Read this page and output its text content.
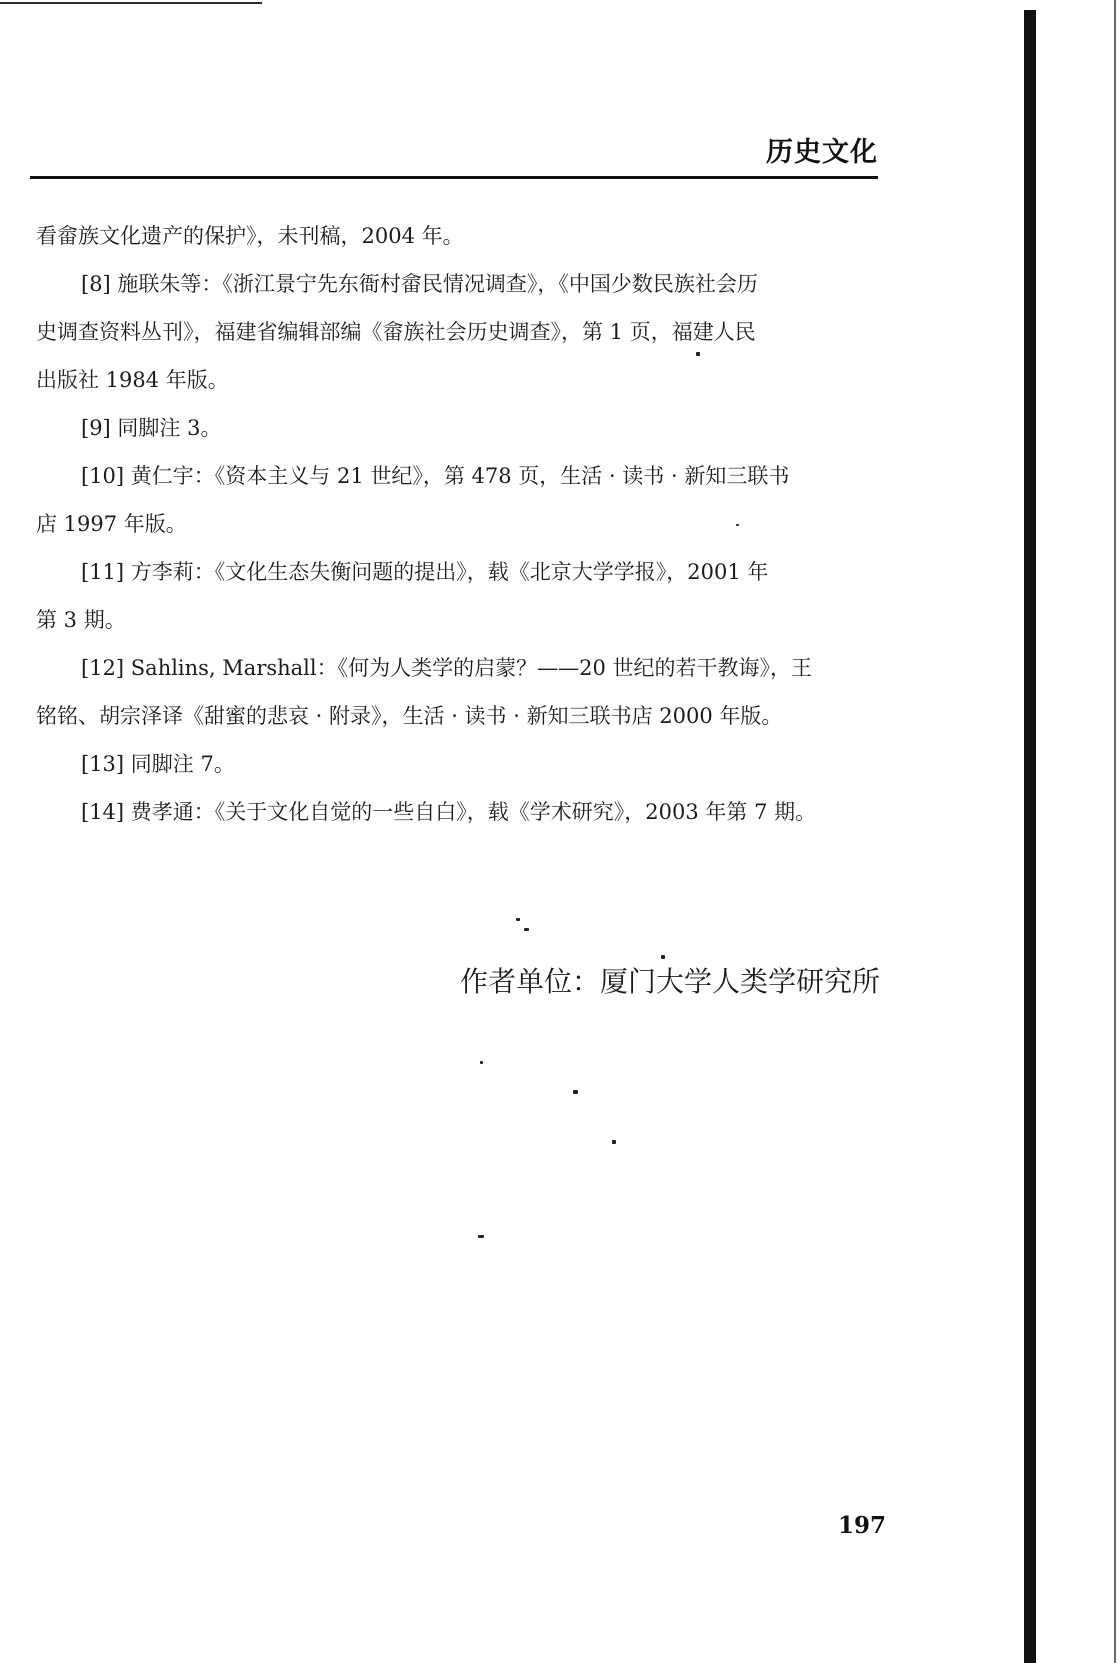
历史文化
看畲族文化遗产的保护》，未刊稿，2004 年。
[8] 施联朱等：《浙江景宁先东衙村畲民情况调查》，《中国少数民族社会历
史调查资料丛刊》，福建省编辑部编《畲族社会历史调查》，第 1 页，福建人民
出版社 1984 年版。
[9] 同脚注 3。
[10] 黄仁宇：《资本主义与 21 世纪》，第 478 页，生活 · 读书 · 新知三联书
店 1997 年版。
[11] 方李莉：《文化生态失衡问题的提出》，载《北京大学学报》，2001 年
第 3 期。
[12] Sahlins, Marshall：《何为人类学的启蒙？——20 世纪的若干教诲》，王
铭铭、胡宗泽译《甜蜜的悲哀 · 附录》，生活 · 读书 · 新知三联书店 2000 年版。
[13] 同脚注 7。
[14] 费孝通：《关于文化自觉的一些自白》，载《学术研究》，2003 年第 7 期。
作者单位：厦门大学人类学研究所
197
